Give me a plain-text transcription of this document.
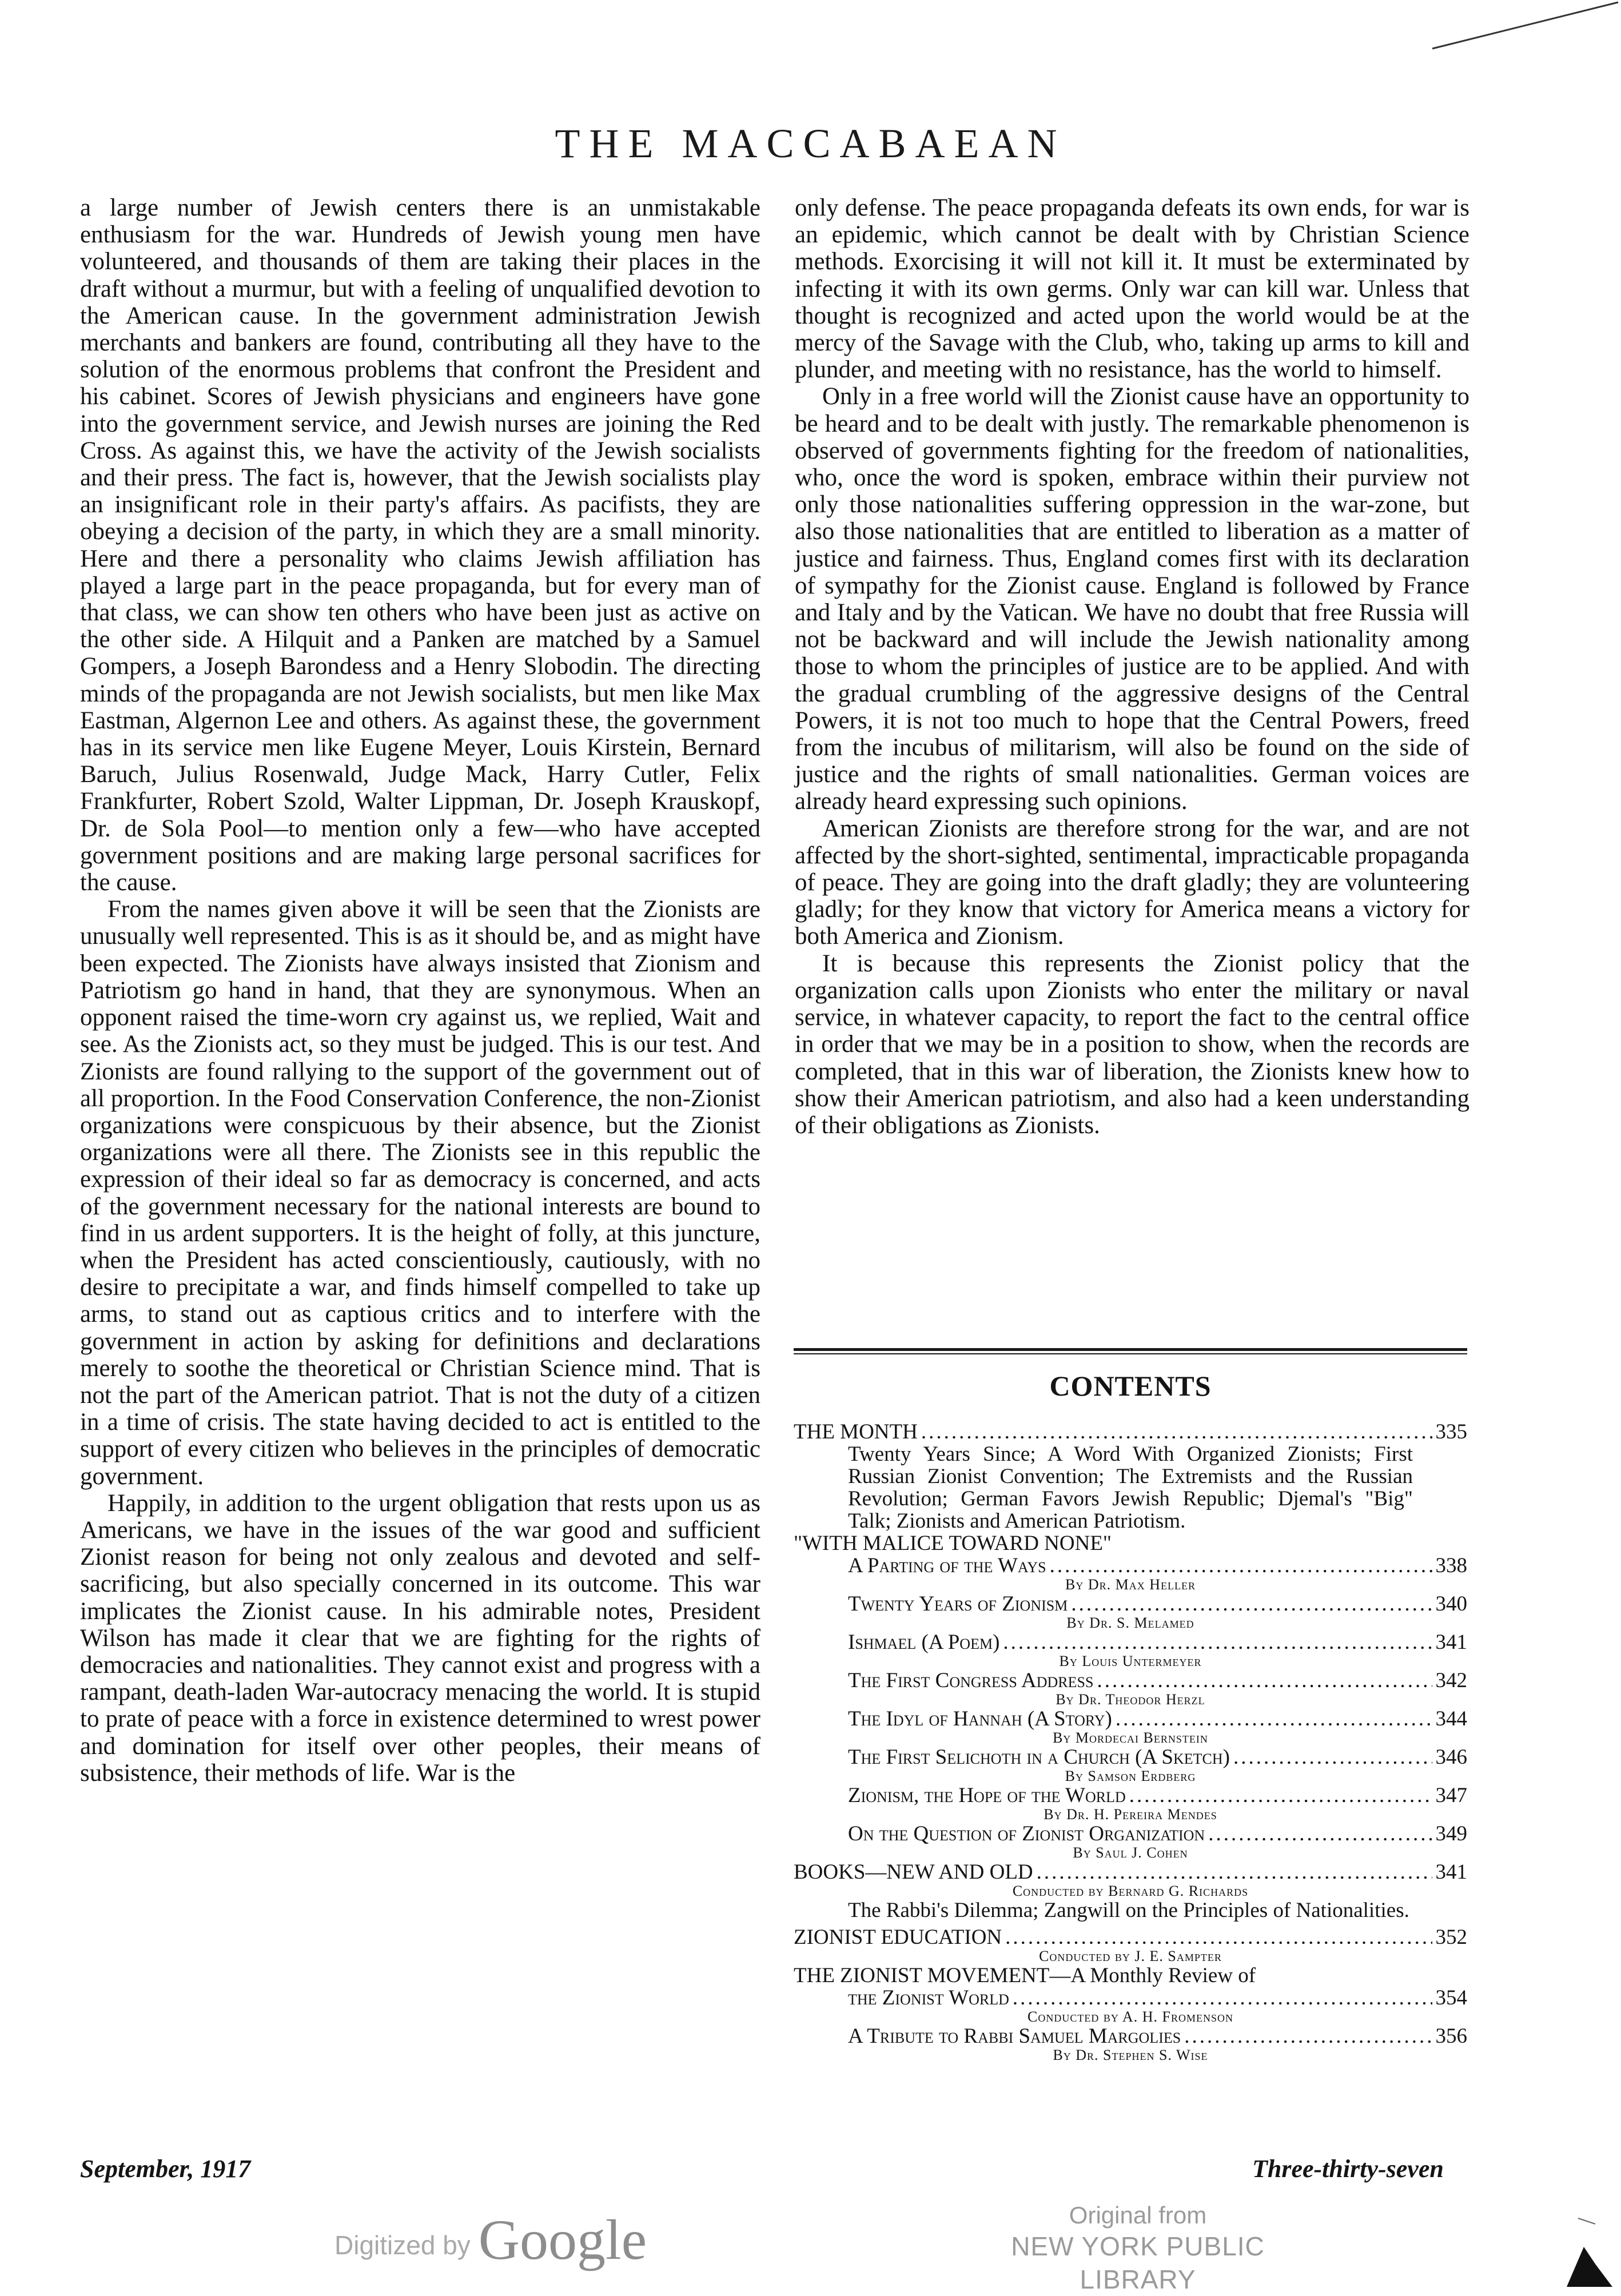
THE MACCABAEAN

a large number of Jewish centers there is an unmistakable enthusiasm for the war. Hundreds of Jewish young men have volunteered, and thousands of them are taking their places in the draft without a murmur, but with a feeling of unqualified devotion to the American cause. In the government administration Jewish merchants and bankers are found, contributing all they have to the solution of the enormous problems that confront the President and his cabinet. Scores of Jewish physicians and engineers have gone into the government service, and Jewish nurses are joining the Red Cross. As against this, we have the activity of the Jewish socialists and their press. The fact is, however, that the Jewish socialists play an insignificant role in their party's affairs. As pacifists, they are obeying a decision of the party, in which they are a small minority. Here and there a personality who claims Jewish affiliation has played a large part in the peace propaganda, but for every man of that class, we can show ten others who have been just as active on the other side. A Hilquit and a Panken are matched by a Samuel Gompers, a Joseph Barondess and a Henry Slobodin. The directing minds of the propaganda are not Jewish socialists, but men like Max Eastman, Algernon Lee and others. As against these, the government has in its service men like Eugene Meyer, Louis Kirstein, Bernard Baruch, Julius Rosenwald, Judge Mack, Harry Cutler, Felix Frankfurter, Robert Szold, Walter Lippman, Dr. Joseph Krauskopf, Dr. de Sola Pool—to mention only a few—who have accepted government positions and are making large personal sacrifices for the cause.

From the names given above it will be seen that the Zionists are unusually well represented. This is as it should be, and as might have been expected. The Zionists have always insisted that Zionism and Patriotism go hand in hand, that they are synonymous. When an opponent raised the time-worn cry against us, we replied, Wait and see. As the Zionists act, so they must be judged. This is our test. And Zionists are found rallying to the support of the government out of all proportion. In the Food Conservation Conference, the non-Zionist organizations were conspicuous by their absence, but the Zionist organizations were all there. The Zionists see in this republic the expression of their ideal so far as democracy is concerned, and acts of the government necessary for the national interests are bound to find in us ardent supporters. It is the height of folly, at this juncture, when the President has acted conscientiously, cautiously, with no desire to precipitate a war, and finds himself compelled to take up arms, to stand out as captious critics and to interfere with the government in action by asking for definitions and declarations merely to soothe the theoretical or Christian Science mind. That is not the part of the American patriot. That is not the duty of a citizen in a time of crisis. The state having decided to act is entitled to the support of every citizen who believes in the principles of democratic government.

Happily, in addition to the urgent obligation that rests upon us as Americans, we have in the issues of the war good and sufficient Zionist reason for being not only zealous and devoted and self-sacrificing, but also specially concerned in its outcome. This war implicates the Zionist cause. In his admirable notes, President Wilson has made it clear that we are fighting for the rights of democracies and nationalities. They cannot exist and progress with a rampant, death-laden War-autocracy menacing the world. It is stupid to prate of peace with a force in existence determined to wrest power and domination for itself over other peoples, their means of subsistence, their methods of life. War is the

only defense. The peace propaganda defeats its own ends, for war is an epidemic, which cannot be dealt with by Christian Science methods. Exorcising it will not kill it. It must be exterminated by infecting it with its own germs. Only war can kill war. Unless that thought is recognized and acted upon the world would be at the mercy of the Savage with the Club, who, taking up arms to kill and plunder, and meeting with no resistance, has the world to himself.

Only in a free world will the Zionist cause have an opportunity to be heard and to be dealt with justly. The remarkable phenomenon is observed of governments fighting for the freedom of nationalities, who, once the word is spoken, embrace within their purview not only those nationalities suffering oppression in the war-zone, but also those nationalities that are entitled to liberation as a matter of justice and fairness. Thus, England comes first with its declaration of sympathy for the Zionist cause. England is followed by France and Italy and by the Vatican. We have no doubt that free Russia will not be backward and will include the Jewish nationality among those to whom the principles of justice are to be applied. And with the gradual crumbling of the aggressive designs of the Central Powers, it is not too much to hope that the Central Powers, freed from the incubus of militarism, will also be found on the side of justice and the rights of small nationalities. German voices are already heard expressing such opinions.

American Zionists are therefore strong for the war, and are not affected by the short-sighted, sentimental, impracticable propaganda of peace. They are going into the draft gladly; they are volunteering gladly; for they know that victory for America means a victory for both America and Zionism.

It is because this represents the Zionist policy that the organization calls upon Zionists who enter the military or naval service, in whatever capacity, to report the fact to the central office in order that we may be in a position to show, when the records are completed, that in this war of liberation, the Zionists knew how to show their American patriotism, and also had a keen understanding of their obligations as Zionists.

CONTENTS
THE MONTH .....	335
Twenty Years Since; A Word With Organized Zionists; First Russian Zionist Convention; The Extremists and the Russian Revolution; German Favors Jewish Republic; Djemal's "Big" Talk; Zionists and American Patriotism.
"WITH MALICE TOWARD NONE"
A Parting of the Ways .....	338
By Dr. Max Heller
Twenty Years of Zionism .....	340
By Dr. S. Melamed
Ishmael (A Poem) .....	341
By Louis Untermeyer
The First Congress Address .....	342
By Dr. Theodor Herzl
The Idyl of Hannah (A Story) .....	344
By Mordecai Bernstein
The First Selichoth in a Church (A Sketch) .....	346
By Samson Erdberg
Zionism, the Hope of the World .....	347
By Dr. H. Pereira Mendes
On the Question of Zionist Organization .....	349
By Saul J. Cohen
BOOKS—NEW AND OLD .....	341
Conducted by Bernard G. Richards
The Rabbi's Dilemma; Zangwill on the Principles of Nationalities.
ZIONIST EDUCATION .....	352
Conducted by J. E. Sampter
THE ZIONIST MOVEMENT—A Monthly Review of
the Zionist World .....	354
Conducted by A. H. Fromenson
A Tribute to Rabbi Samuel Margolies .....	356
By Dr. Stephen S. Wise
September, 1917	Three-thirty-seven
Digitized by Google	Original from
NEW YORK PUBLIC LIBRARY
